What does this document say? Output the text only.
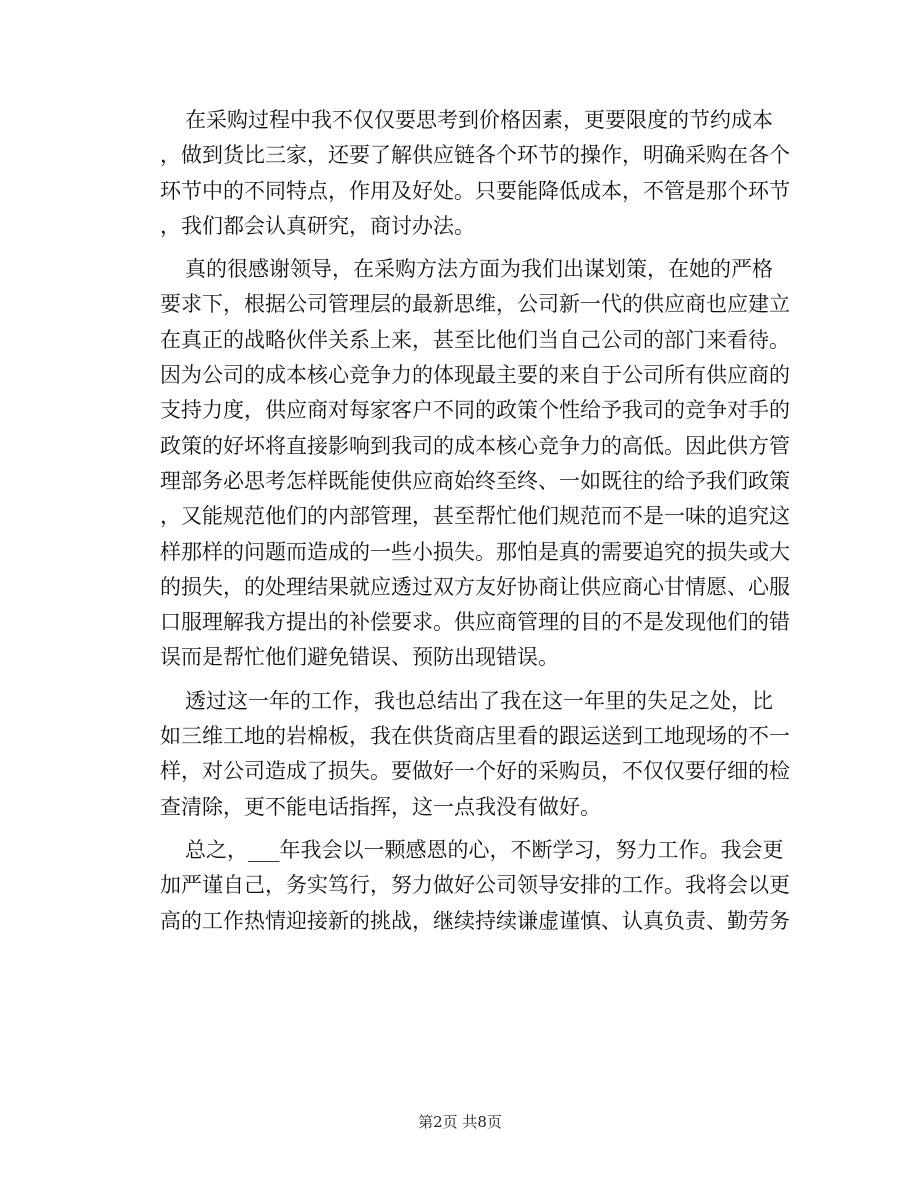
在采购过程中我不仅仅要思考到价格因素，更要限度的节约成本
，做到货比三家，还要了解供应链各个环节的操作，明确采购在各个
环节中的不同特点，作用及好处。只要能降低成本，不管是那个环节
，我们都会认真研究，商讨办法。
真的很感谢领导，在采购方法方面为我们出谋划策，在她的严格
要求下，根据公司管理层的最新思维，公司新一代的供应商也应建立
在真正的战略伙伴关系上来，甚至比他们当自己公司的部门来看待。
因为公司的成本核心竞争力的体现最主要的来自于公司所有供应商的
支持力度，供应商对每家客户不同的政策个性给予我司的竞争对手的
政策的好坏将直接影响到我司的成本核心竞争力的高低。因此供方管
理部务必思考怎样既能使供应商始终至终、一如既往的给予我们政策
，又能规范他们的内部管理，甚至帮忙他们规范而不是一味的追究这
样那样的问题而造成的一些小损失。那怕是真的需要追究的损失或大
的损失，的处理结果就应透过双方友好协商让供应商心甘情愿、心服
口服理解我方提出的补偿要求。供应商管理的目的不是发现他们的错
误而是帮忙他们避免错误、预防出现错误。
透过这一年的工作，我也总结出了我在这一年里的失足之处，比
如三维工地的岩棉板，我在供货商店里看的跟运送到工地现场的不一
样，对公司造成了损失。要做好一个好的采购员，不仅仅要仔细的检
查清除，更不能电话指挥，这一点我没有做好。
总之，___年我会以一颗感恩的心，不断学习，努力工作。我会更
加严谨自己，务实笃行，努力做好公司领导安排的工作。我将会以更
高的工作热情迎接新的挑战，继续持续谦虚谨慎、认真负责、勤劳务
第2页 共8页
